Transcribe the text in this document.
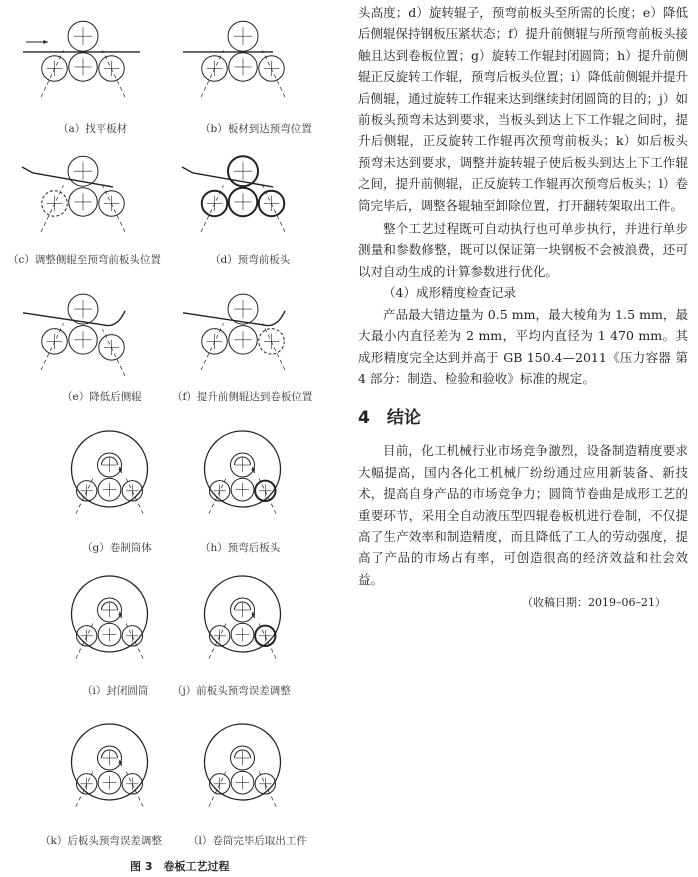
（a）找平板材	（b）板材到达预弯位置
（c）调整侧辊至预弯前板头位置	（d）预弯前板头
（e）降低后侧辊	（f）提升前侧辊达到卷板位置
（g）卷制筒体	（h）预弯后板头
（i）封闭圆筒 （j）前板头预弯误差调整
（k）后板头预弯误差调整 （l）卷筒完毕后取出工件
图 3　卷板工艺过程

头高度；d）旋转辊子，预弯前板头至所需的长度；e）降低后侧辊保持钢板压紧状态；f）提升前侧辊与所预弯前板头接触且达到卷板位置；g）旋转工作辊封闭圆筒；h）提升前侧辊正反旋转工作辊，预弯后板头位置；i）降低前侧辊并提升后侧辊，通过旋转工作辊来达到继续封闭圆筒的目的；j）如前板头预弯未达到要求，当板头到达上下工作辊之间时，提升后侧辊，正反旋转工作辊再次预弯前板头；k）如后板头预弯未达到要求，调整并旋转辊子使后板头到达上下工作辊之间，提升前侧辊，正反旋转工作辊再次预弯后板头；l）卷筒完毕后，调整各辊轴至卸除位置，打开翻转架取出工件。

整个工艺过程既可自动执行也可单步执行，并进行单步测量和参数修整，既可以保证第一块钢板不会被浪费，还可以对自动生成的计算参数进行优化。

（4）成形精度检查记录

产品最大错边量为 0.5 mm，最大棱角为 1.5 mm，最大最小内直径差为 2 mm，平均内直径为 1 470 mm。其成形精度完全达到并高于 GB 150.4—2011《压力容器 第 4 部分：制造、检验和验收》标准的规定。

4　结论

目前，化工机械行业市场竞争激烈，设备制造精度要求大幅提高，国内各化工机械厂纷纷通过应用新装备、新技术，提高自身产品的市场竞争力；圆筒节卷曲是成形工艺的重要环节，采用全自动液压型四辊卷板机进行卷制，不仅提高了生产效率和制造精度，而且降低了工人的劳动强度，提高了产品的市场占有率，可创造很高的经济效益和社会效益。

（收稿日期：2019–06–21）
